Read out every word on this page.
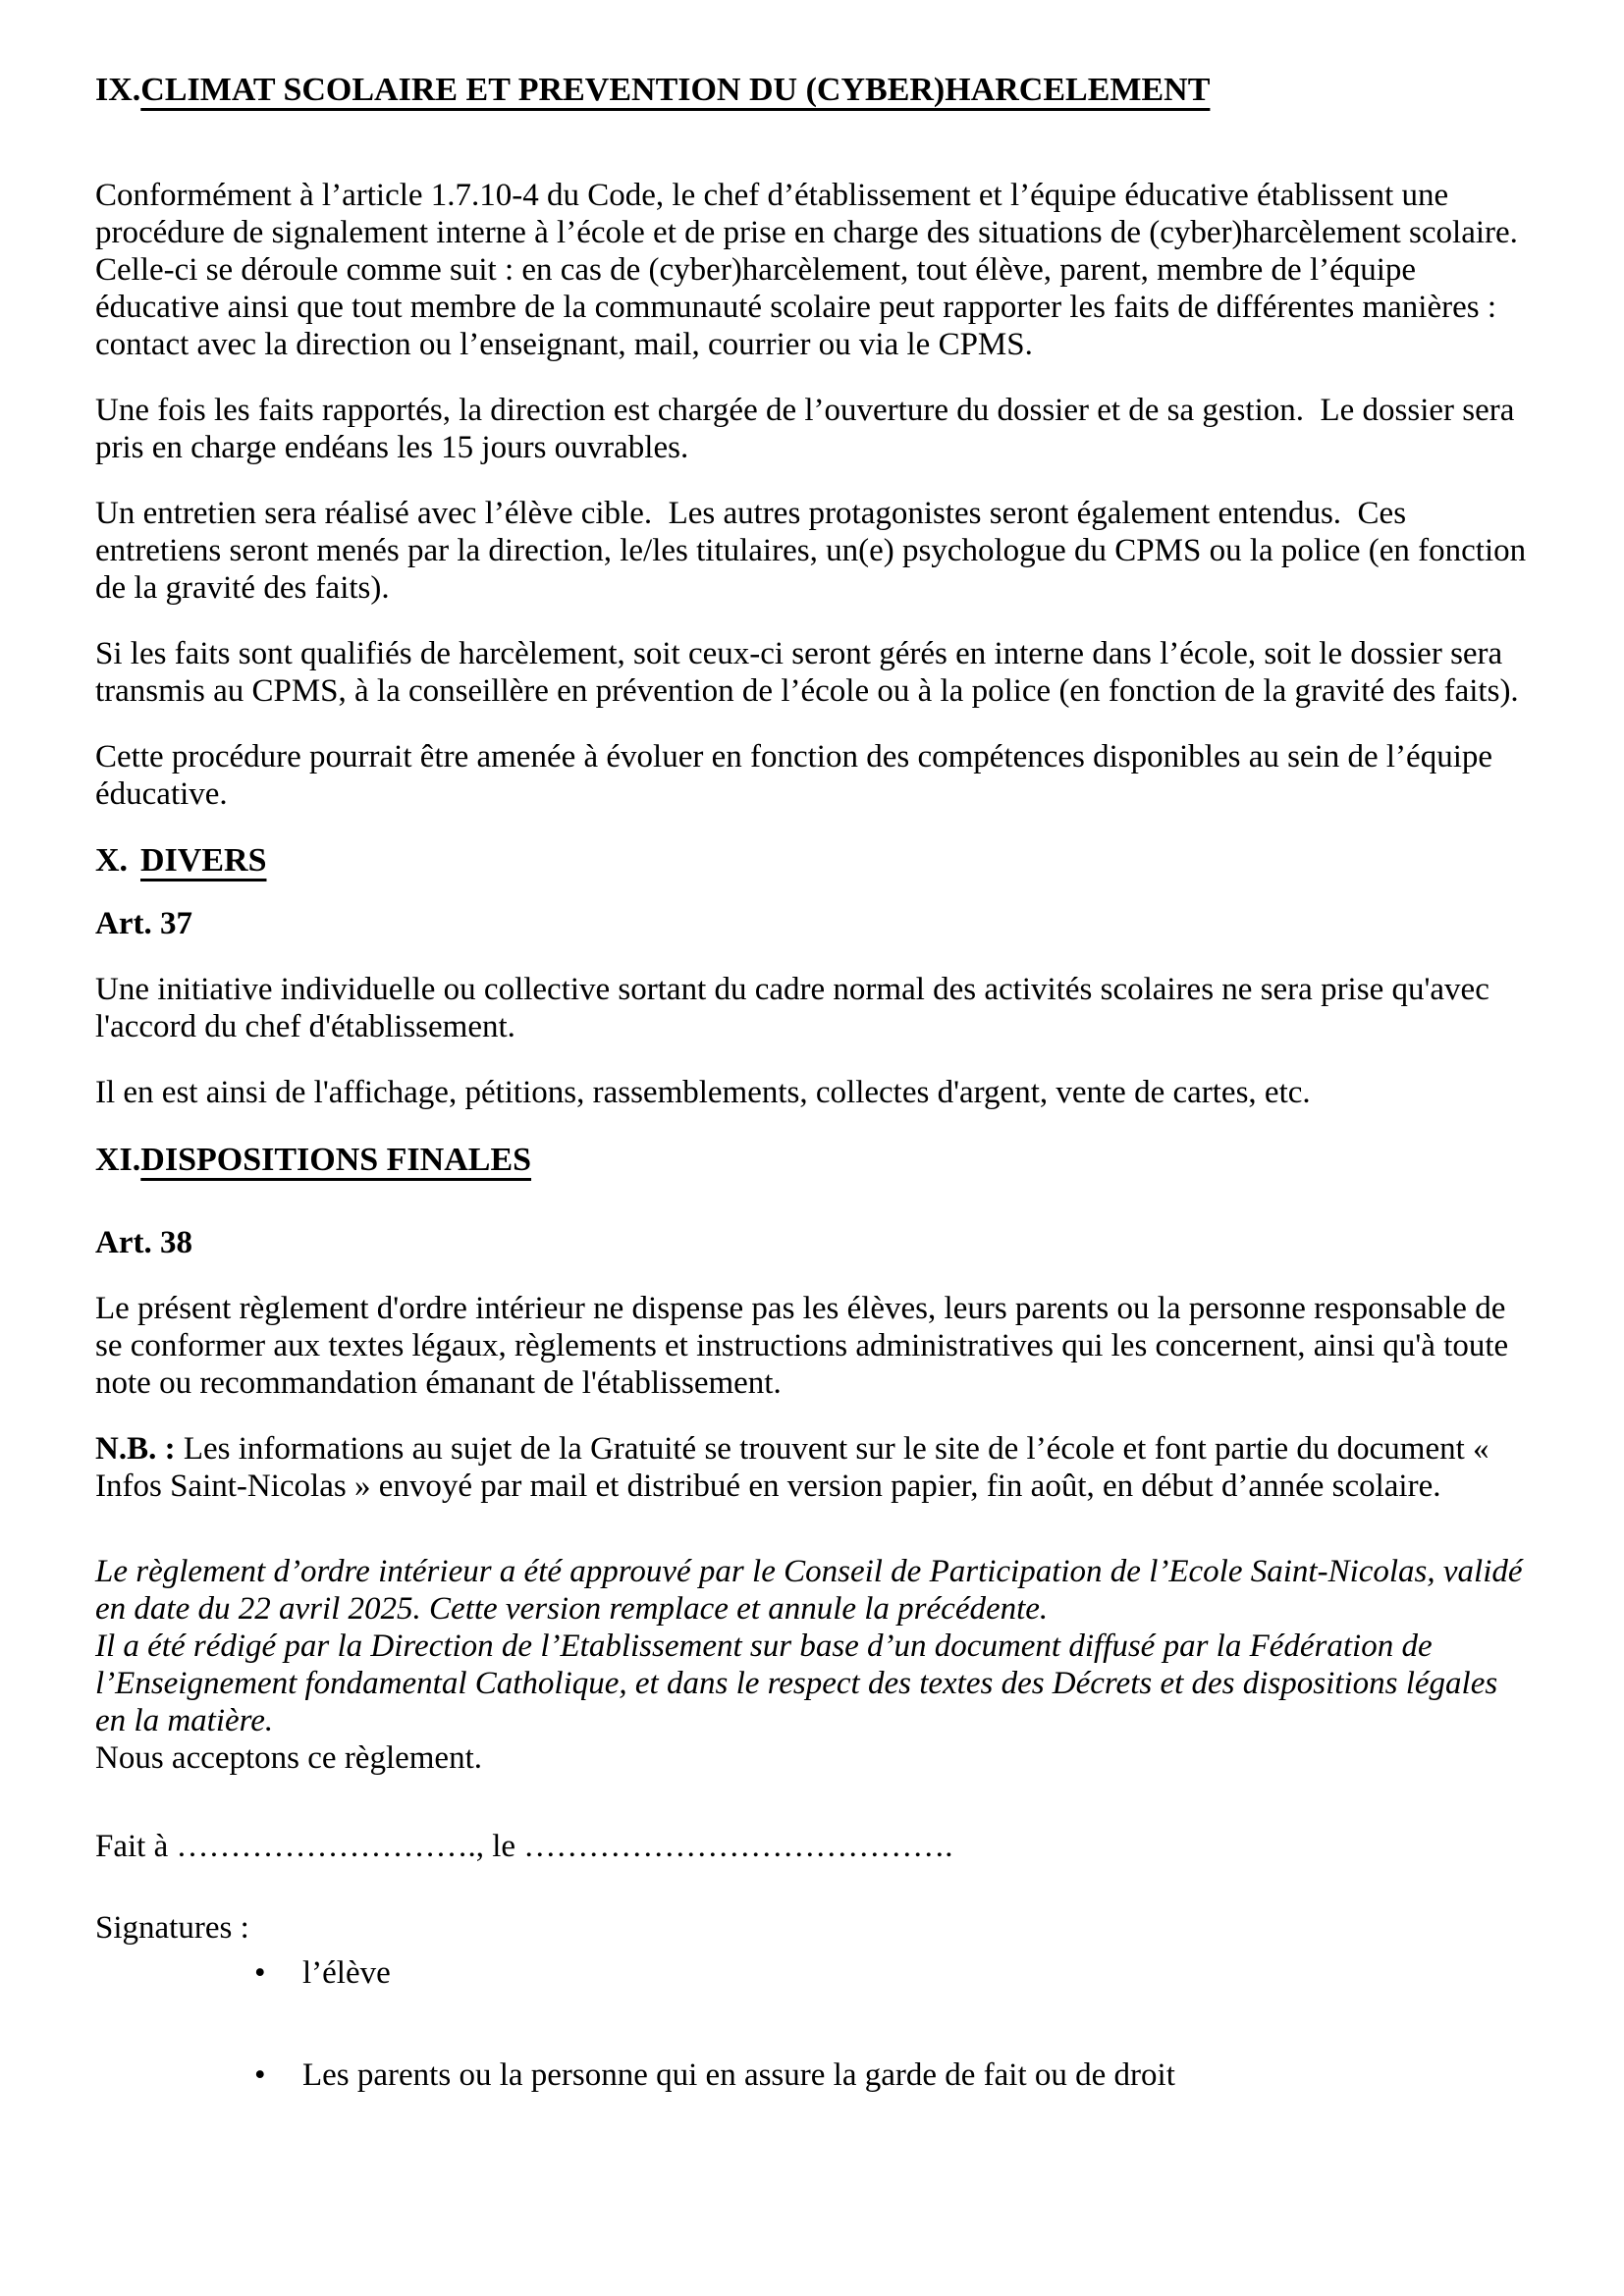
IX.CLIMAT SCOLAIRE ET PREVENTION DU (CYBER)HARCELEMENT

Conformément à l’article 1.7.10-4 du Code, le chef d’établissement et l’équipe éducative établissent une procédure de signalement interne à l’école et de prise en charge des situations de (cyber)harcèlement scolaire.  Celle-ci se déroule comme suit : en cas de (cyber)harcèlement, tout élève, parent, membre de l’équipe éducative ainsi que tout membre de la communauté scolaire peut rapporter les faits de différentes manières : contact avec la direction ou l’enseignant, mail, courrier ou via le CPMS.

Une fois les faits rapportés, la direction est chargée de l’ouverture du dossier et de sa gestion.  Le dossier sera pris en charge endéans les 15 jours ouvrables.

Un entretien sera réalisé avec l’élève cible.  Les autres protagonistes seront également entendus.  Ces entretiens seront menés par la direction, le/les titulaires, un(e) psychologue du CPMS ou la police (en fonction de la gravité des faits).

Si les faits sont qualifiés de harcèlement, soit ceux-ci seront gérés en interne dans l’école, soit le dossier sera transmis au CPMS, à la conseillère en prévention de l’école ou à la police (en fonction de la gravité des faits).

Cette procédure pourrait être amenée à évoluer en fonction des compétences disponibles au sein de l’équipe éducative.

X. DIVERS

Art. 37

Une initiative individuelle ou collective sortant du cadre normal des activités scolaires ne sera prise qu'avec l'accord du chef d'établissement.

Il en est ainsi de l'affichage, pétitions, rassemblements, collectes d'argent, vente de cartes, etc.

XI.DISPOSITIONS FINALES

Art. 38

Le présent règlement d'ordre intérieur ne dispense pas les élèves, leurs parents ou la personne responsable de se conformer aux textes légaux, règlements et instructions administratives qui les concernent, ainsi qu'à toute note ou recommandation émanant de l'établissement.

N.B. : Les informations au sujet de la Gratuité se trouvent sur le site de l’école et font partie du document « Infos Saint-Nicolas » envoyé par mail et distribué en version papier, fin août, en début d’année scolaire.

Le règlement d’ordre intérieur a été approuvé par le Conseil de Participation de l’Ecole Saint-Nicolas, validé en date du 22 avril 2025. Cette version remplace et annule la précédente.

Il a été rédigé par la Direction de l’Etablissement sur base d’un document diffusé par la Fédération de l’Enseignement fondamental Catholique, et dans le respect des textes des Décrets et des dispositions légales en la matière.

Nous acceptons ce règlement.

Fait à ………………………., le ………………………………….

Signatures :

•	l’élève
•	Les parents ou la personne qui en assure la garde de fait ou de droit
